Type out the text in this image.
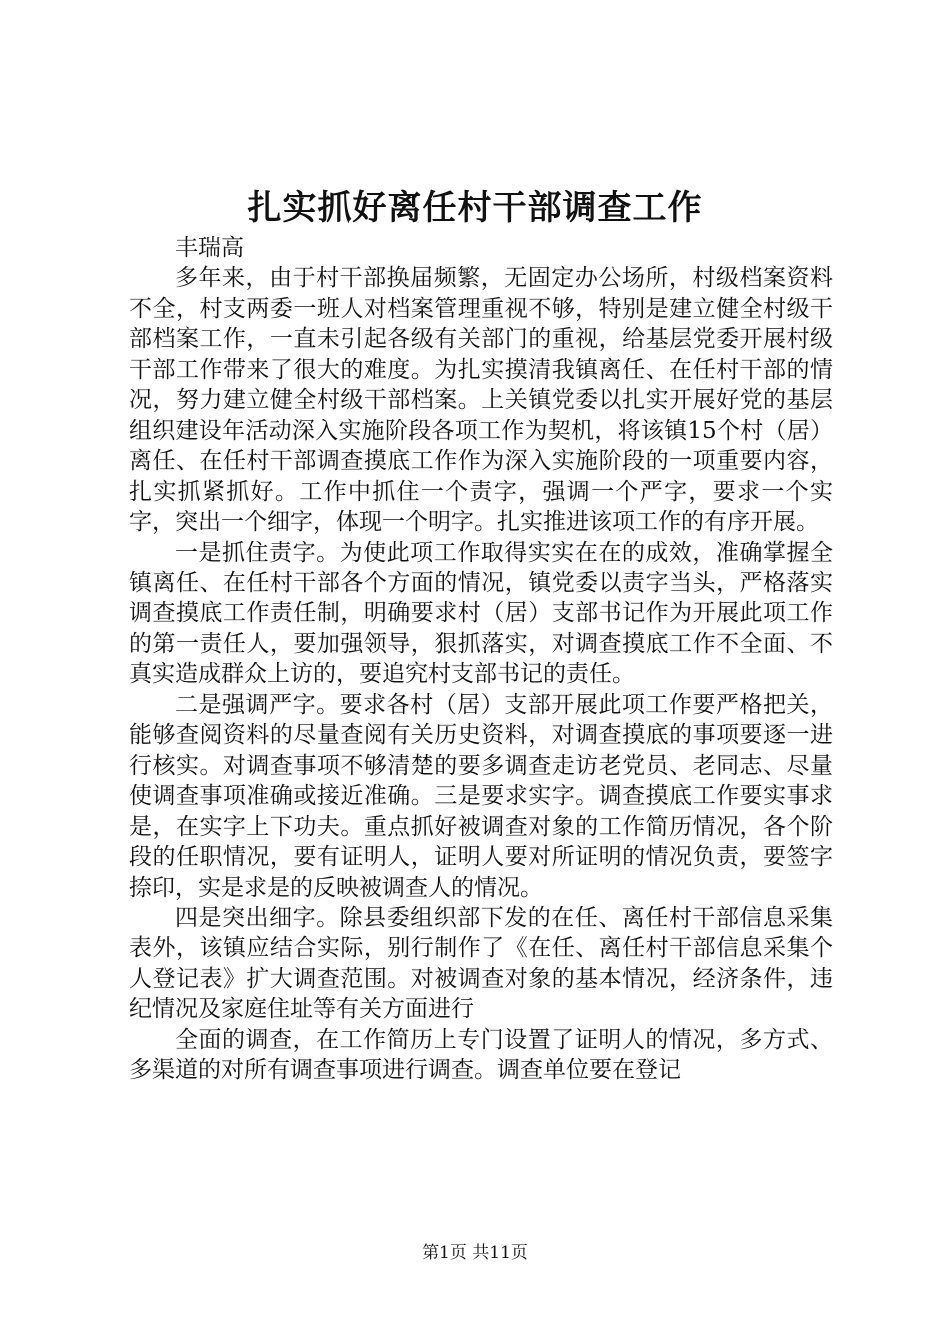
扎实抓好离任村干部调查工作

丰瑞高

多年来，由于村干部换届频繁，无固定办公场所，村级档案资料不全，村支两委一班人对档案管理重视不够，特别是建立健全村级干部档案工作，一直未引起各级有关部门的重视，给基层党委开展村级干部工作带来了很大的难度。为扎实摸清我镇离任、在任村干部的情况，努力建立健全村级干部档案。上关镇党委以扎实开展好党的基层组织建设年活动深入实施阶段各项工作为契机，将该镇15个村（居）离任、在任村干部调查摸底工作作为深入实施阶段的一项重要内容，扎实抓紧抓好。工作中抓住一个责字，强调一个严字，要求一个实字，突出一个细字，体现一个明字。扎实推进该项工作的有序开展。

一是抓住责字。为使此项工作取得实实在在的成效，准确掌握全镇离任、在任村干部各个方面的情况，镇党委以责字当头，严格落实调查摸底工作责任制，明确要求村（居）支部书记作为开展此项工作的第一责任人，要加强领导，狠抓落实，对调查摸底工作不全面、不真实造成群众上访的，要追究村支部书记的责任。

二是强调严字。要求各村（居）支部开展此项工作要严格把关，能够查阅资料的尽量查阅有关历史资料，对调查摸底的事项要逐一进行核实。对调查事项不够清楚的要多调查走访老党员、老同志、尽量使调查事项准确或接近准确。三是要求实字。调查摸底工作要实事求是，在实字上下功夫。重点抓好被调查对象的工作简历情况，各个阶段的任职情况，要有证明人，证明人要对所证明的情况负责，要签字捺印，实是求是的反映被调查人的情况。

四是突出细字。除县委组织部下发的在任、离任村干部信息采集表外，该镇应结合实际，别行制作了《在任、离任村干部信息采集个人登记表》扩大调查范围。对被调查对象的基本情况，经济条件，违纪情况及家庭住址等有关方面进行

全面的调查，在工作简历上专门设置了证明人的情况，多方式、多渠道的对所有调查事项进行调查。调查单位要在登记

第1页 共11页
